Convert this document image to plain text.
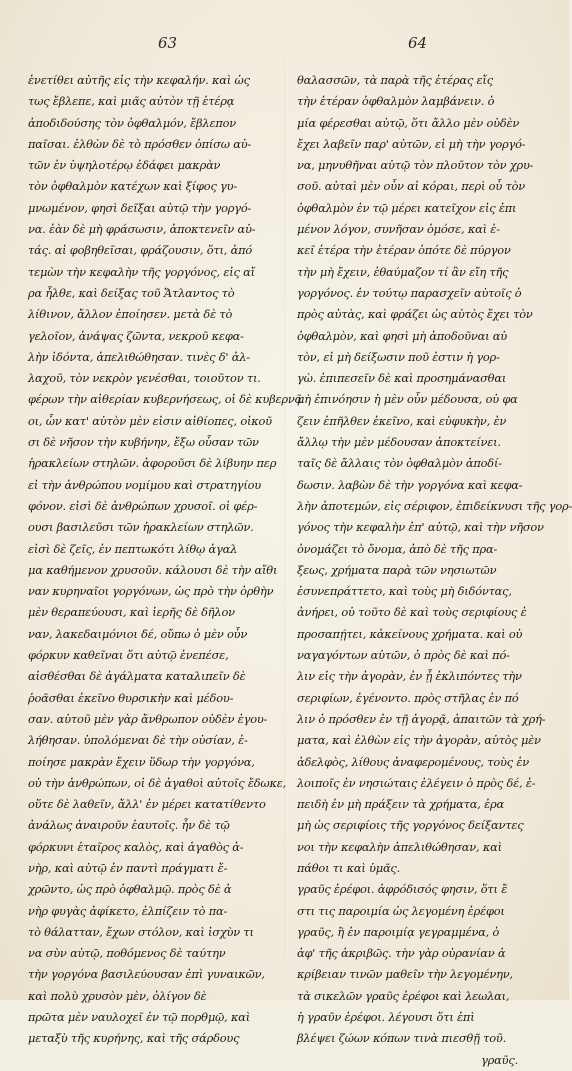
63	64
ἐνετίθει αὐτῆς εἰς τὴν κεφαλήν. καὶ ὡς
τως ἔβλεπε, καὶ μιᾶς αὐτὸν τῇ ἑτέρᾳ
ἀποδιδούσης τὸν ὀφθαλμόν, ἔβλεπον
παῖσαι. ἐλθὼν δὲ τὸ πρόσθεν ὀπίσω αὐ-
τῶν ἐν ὑψηλοτέρῳ ἐδάφει μακρὰν
τὸν ὀφθαλμὸν κατέχων καὶ ξίφος γυ-
μνωμένον, φησὶ δεῖξαι αὐτῷ τὴν γοργό-
να. ἐὰν δὲ μὴ φράσωσιν, ἀποκτενεῖν αὐ-
τάς. αἱ φοβηθεῖσαι, φράζουσιν, ὅτι, ἀπό
τεμὼν τὴν κεφαλὴν τῆς γοργόνος, εἰς αἴ
ρα ἦλθε, καὶ δείξας τοῦ Ἄτλαντος τὸ
λίθινον, ἄλλον ἐποίησεν. μετὰ δὲ τὸ
γελοῖον, ἀνάψας ζῶντα, νεκροῦ κεφα-
λὴν ἰδόντα, ἀπελιθώθησαν. τινὲς δ' ἀλ-
λαχοῦ, τὸν νεκρὸν γενέσθαι, τοιοῦτον τι.
φέρων τὴν αἰθερίαν κυβερνήσεως, οἱ δὲ κυβερνᾶ
οι, ὧν κατ' αὐτὸν μὲν εἰσιν αἰθίοπες, οἰκοῦ
σι δὲ νῆσον τὴν κυβήνην, ἔξω οὖσαν τῶν
ἡρακλείων στηλῶν. ἀφοροῦσι δὲ λίβυην περ
εἰ τὴν ἀνθρώπου νομίμου καὶ στρατηγίου
φόνον. εἰσὶ δὲ ἀνθρώπων χρυσοῖ. οἱ φέρ-
ουσι βασιλεῦσι τῶν ἡρακλείων στηλῶν.
εἰσὶ δὲ ζεῖς, ἐν πεπτωκότι λίθῳ ἀγαλ
μα καθήμενον χρυσοῦν. κάλουσι δὲ τὴν αἴθι
ναν κυρηναῖοι γοργόνων, ὡς πρὸ τὴν ὀρθὴν
μὲν θεραπεύουσι, καὶ ἱερῆς δὲ δῆλον
ναν, λακεδαιμόνιοι δέ, οὔπω ὁ μὲν οὖν
φόρκυν καθεῖναι ὅτι αὐτῷ ἐνεπέσε,
αἰσθέσθαι δὲ ἀγάλματα καταλιπεῖν δὲ
ῥοᾶσθαι ἐκεῖνο θυρσικὴν καὶ μέδου-
σαν. αὐτοῦ μὲν γὰρ ἄνθρωπον οὐδὲν ἐγου-
λήθησαν. ὑπολόμεναι δὲ τὴν οὐσίαν, ἐ-
ποίησε μακρὰν ἔχειν ὕδωρ τὴν γοργόνα,
οὐ τὴν ἀνθρώπων, οἱ δὲ ἀγαθοὶ αὐτοῖς ἔδωκε,
οὕτε δὲ λαθεῖν, ἄλλ' ἐν μέρει κατατίθεντο
ἀνάλως ἀναιροῦν ἑαυτοῖς. ἦν δὲ τῷ
φόρκυνι ἑταῖρος καλὸς, καὶ ἀγαθὸς ἀ-
νὴρ, καὶ αὐτῷ ἐν παντὶ πράγματι ἔ-
χρῶντο, ὡς πρὸ ὀφθαλμῷ. πρὸς δὲ ἀ
νὴρ φυγὰς ἀφίκετο, ἐλπίζειν τὸ πα-
τὸ θάλατταν, ἔχων στόλον, καὶ ἰσχὺν τι
να σὺν αὐτῷ, ποθόμενος δὲ ταύτην
τὴν γοργόνα βασιλεύουσαν ἐπὶ γυναικῶν,
καὶ πολὺ χρυσὸν μὲν, ὀλίγον δὲ
πρῶτα μὲν ναυλοχεῖ ἐν τῷ πορθμῷ, καὶ
μεταξὺ τῆς κυρήνης, καὶ τῆς σάρδους
θαλασσῶν, τὰ παρὰ τῆς ἑτέρας εἴς
τὴν ἑτέραν ὀφθαλμὸν λαμβάνειν. ὁ
μία φέρεσθαι αὐτῷ, ὅτι ἄλλο μὲν οὐδὲν
ἔχει λαβεῖν παρ' αὐτῶν, εἰ μὴ τὴν γοργό-
να, μηνυθῆναι αὐτῷ τὸν πλοῦτον τὸν χρυ-
σοῦ. αὐταὶ μὲν οὖν αἱ κόραι, περὶ οὗ τὸν
ὀφθαλμὸν ἐν τῷ μέρει κατεῖχον εἰς ἐπι
μένον λόγον, συνῆσαν ὁμόσε, καὶ ἐ-
κεῖ ἑτέρα τὴν ἑτέραν ὁπότε δὲ πύργον
τὴν μὴ ἔχειν, ἐθαύμαζον τί ἂν εἴη τῆς
γοργόνος. ἐν τούτῳ παρασχεῖν αὐτοῖς ὁ
πρὸς αὐτὰς, καὶ φράζει ὡς αὐτὸς ἔχει τὸν
ὀφθαλμὸν, καὶ φησὶ μὴ ἀποδοῦναι αὐ
τὸν, εἰ μὴ δείξωσιν ποῦ ἐστιν ἡ γορ-
γὼ. ἐπιπεσεῖν δὲ καὶ προσημάνασθαι
μὴ ἐπινόησιν ἡ μὲν οὖν μέδουσα, οὐ φα
ζειν ἐπῆλθεν ἐκεῖνο, καὶ εὐφυκὴν, ἐν
ἄλλῳ τὴν μὲν μέδουσαν ἀποκτείνει.
ταῖς δὲ ἄλλαις τὸν ὀφθαλμὸν ἀποδί-
δωσιν. λαβὼν δὲ τὴν γοργόνα καὶ κεφα-
λὴν ἀποτεμών, εἰς σέριφον, ἐπιδείκνυσι τῆς γορ-
γόνος τὴν κεφαλὴν ἐπ' αὐτῷ, καὶ τὴν νῆσον
ὀνομάζει τὸ ὄνομα, ἀπὸ δὲ τῆς πρα-
ξεως, χρήματα παρὰ τῶν νησιωτῶν
ἐσυνεπράττετο, καὶ τοὺς μὴ διδόντας,
ἀνήρει, οὐ τοῦτο δὲ καὶ τοὺς σεριφίους ἐ
προσαπῄτει, κἀκείνους χρήματα. καὶ οὐ
ναγαγόντων αὐτῶν, ὁ πρὸς δὲ καὶ πό-
λιν εἰς τὴν ἀγορὰν, ἐν ᾗ ἐκλιπόντες τὴν
σεριφίων, ἐγένοντο. πρὸς στῆλας ἐν πό
λιν ὁ πρόσθεν ἐν τῇ ἀγορᾷ, ἀπαιτῶν τὰ χρή-
ματα, καὶ ἐλθὼν εἰς τὴν ἀγορὰν, αὐτὸς μὲν
ἀδελφὸς, λίθους ἀναφερομένους, τοὺς ἐν
λοιποῖς ἐν νησιώταις ἐλέγειν ὁ πρὸς δέ, ἐ-
πειδὴ ἐν μὴ πράξειν τὰ χρήματα, ἐρα
μὴ ὡς σεριφίοις τῆς γοργόνος δείξαντες
νοι τὴν κεφαλὴν ἀπελιθώθησαν, καὶ
πάθοι τι καὶ ὑμᾶς.
γραῦς ἐρέφοι. ἀφρόδισός φησιν, ὅτι ἔ
στι τις παροιμία ὡς λεγομένη ἐρέφοι
γραῦς, ἢ ἐν παροιμίᾳ γεγραμμένα, ὁ
ἀφ' τῆς ἀκριβῶς. τὴν γὰρ οὐρανίαν ἀ
κρίβειαν τινῶν μαθεῖν τὴν λεγομένην,
τὰ σικελῶν γραῦς ἐρέφοι καὶ λεωλαι,
ἡ γραῦν ἐρέφοι. λέγουσι ὅτι ἐπὶ
βλέψει ζώων κόπων τινὰ πιεσθῇ τοῦ.
γραῦς.
